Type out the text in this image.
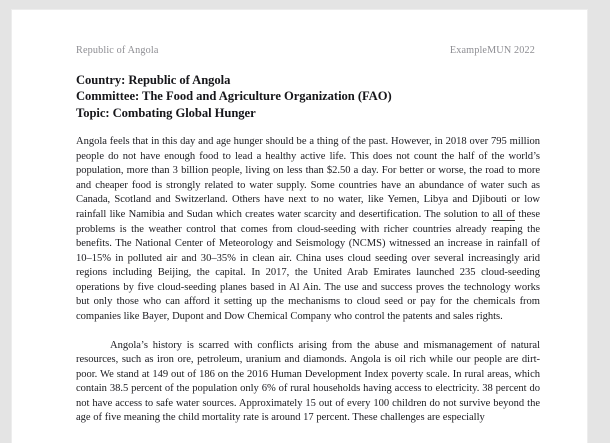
Republic of Angola	ExampleMUN 2022
Country: Republic of Angola
Committee: The Food and Agriculture Organization (FAO)
Topic: Combating Global Hunger

Angola feels that in this day and age hunger should be a thing of the past. However, in 2018 over 795 million people do not have enough food to lead a healthy active life. This does not count the half of the world’s population, more than 3 billion people, living on less than $2.50 a day. For better or worse, the road to more and cheaper food is strongly related to water supply. Some countries have an abundance of water such as Canada, Scotland and Switzerland. Others have next to no water, like Yemen, Libya and Djibouti or low rainfall like Namibia and Sudan which creates water scarcity and desertification. The solution to all of these problems is the weather control that comes from cloud-seeding with richer countries already reaping the benefits. The National Center of Meteorology and Seismology (NCMS) witnessed an increase in rainfall of 10–15% in polluted air and 30–35% in clean air. China uses cloud seeding over several increasingly arid regions including Beijing, the capital. In 2017, the United Arab Emirates launched 235 cloud-seeding operations by five cloud-seeding planes based in Al Ain. The use and success proves the technology works but only those who can afford it setting up the mechanisms to cloud seed or pay for the chemicals from companies like Bayer, Dupont and Dow Chemical Company who control the patents and sales rights.

Angola’s history is scarred with conflicts arising from the abuse and mismanagement of natural resources, such as iron ore, petroleum, uranium and diamonds. Angola is oil rich while our people are dirt-poor. We stand at 149 out of 186 on the 2016 Human Development Index poverty scale. In rural areas, which contain 38.5 percent of the population only 6% of rural households having access to electricity. 38 percent do not have access to safe water sources. Approximately 15 out of every 100 children do not survive beyond the age of five meaning the child mortality rate is around 17 percent. These challenges are especially
